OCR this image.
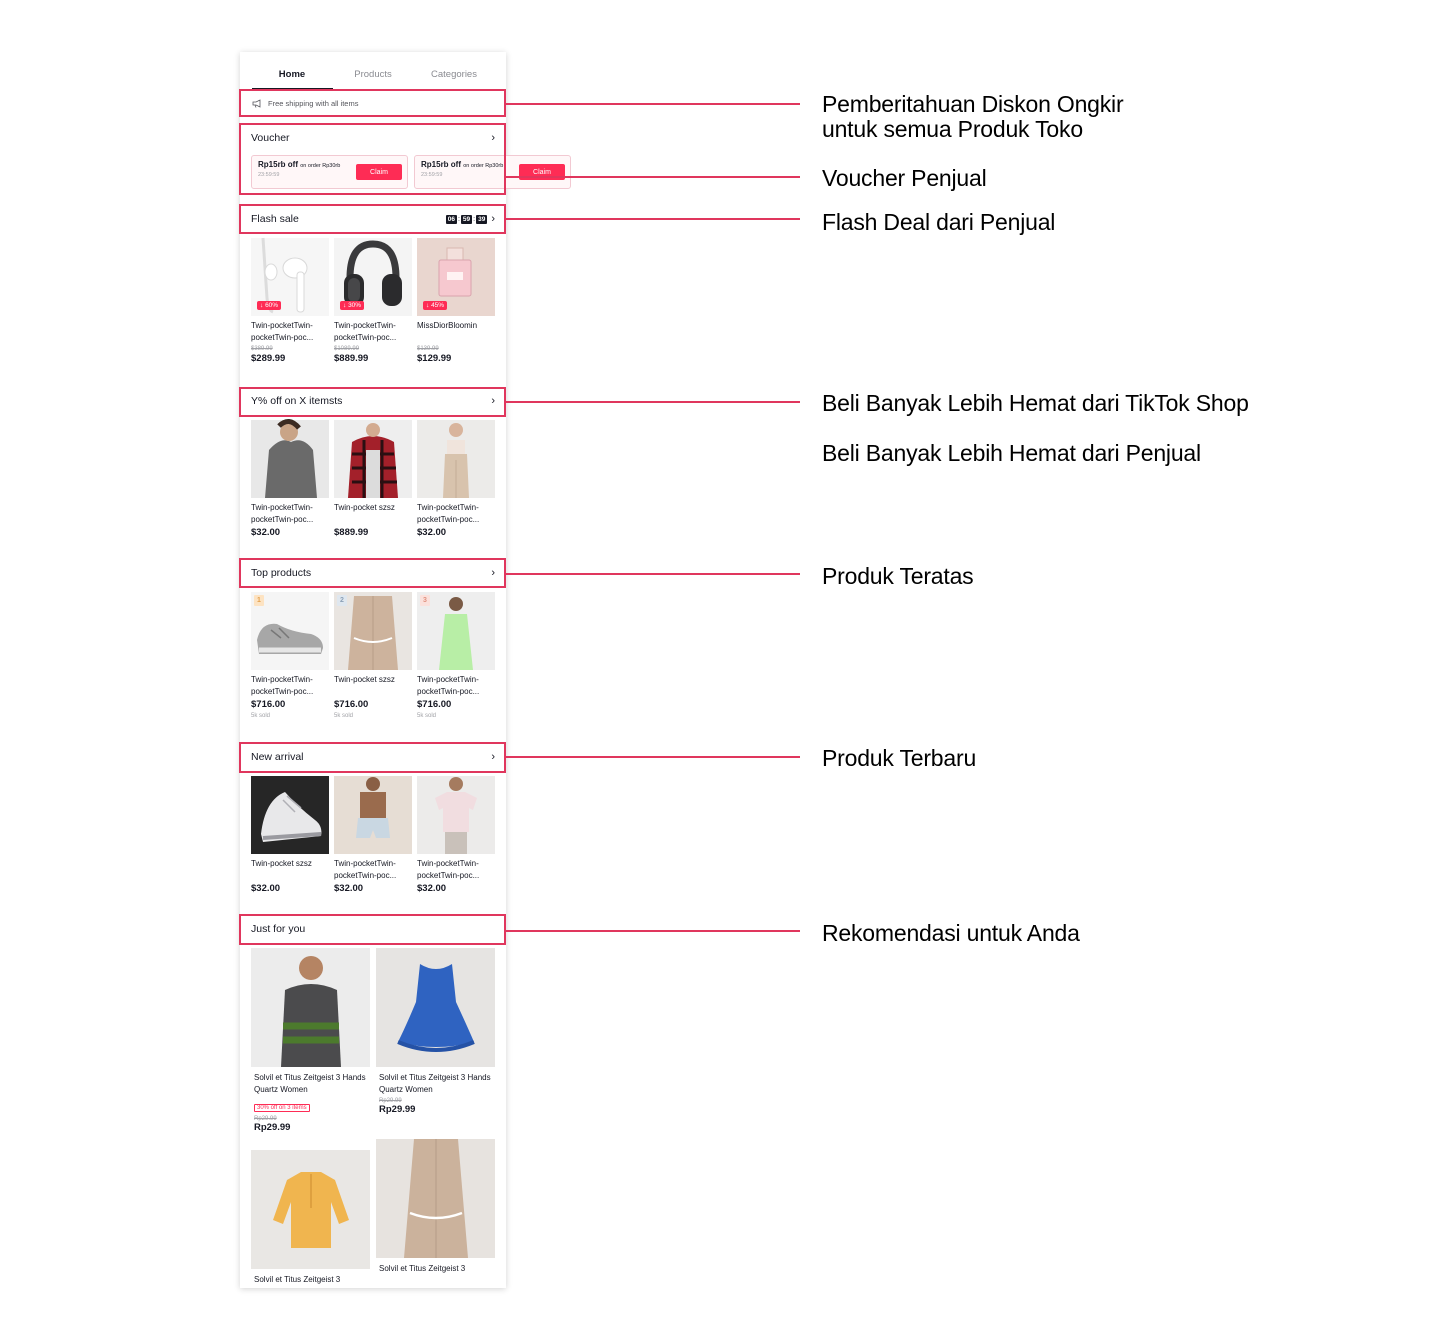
Home	Products	Categories
Free shipping with all items
Voucher	›
Rp15rb off on order Rp30rb
23:59:59	Claim
Rp15rb off on order Rp30rb
23:59:59	Claim
Flash sale	06 : 59 : 39 ›
↓ 60%
Twin-pocketTwin-pocketTwin-poc...
$389.99
$289.99
↓ 30%
Twin-pocketTwin-pocketTwin-poc...
$1089.99
$889.99
↓ 45%
MissDiorBloomin
$139.99
$129.99
Y% off on X itemsts	›
Twin-pocketTwin-pocketTwin-poc...
$32.00
Twin-pocket szsz
$889.99
Twin-pocketTwin-pocketTwin-poc...
$32.00
Top products	›
1
Twin-pocketTwin-pocketTwin-poc...
$716.00
5k sold
2
Twin-pocket szsz
$716.00
5k sold
3
Twin-pocketTwin-pocketTwin-poc...
$716.00
5k sold
New arrival	›
Twin-pocket szsz
$32.00
Twin-pocketTwin-pocketTwin-poc...
$32.00
Twin-pocketTwin-pocketTwin-poc...
$32.00
Just for you
Solvil et Titus Zeitgeist 3 Hands Quartz Women
30% off on 3 items
Rp29.99
Rp29.99
Solvil et Titus Zeitgeist 3 Hands Quartz Women
Rp29.99
Rp29.99
Solvil et Titus Zeitgeist 3
Solvil et Titus Zeitgeist 3
Pemberitahuan Diskon Ongkir untuk semua Produk Toko
Voucher Penjual
Flash Deal dari Penjual
Beli Banyak Lebih Hemat dari TikTok Shop
Beli Banyak Lebih Hemat dari Penjual
Produk Teratas
Produk Terbaru
Rekomendasi untuk Anda
